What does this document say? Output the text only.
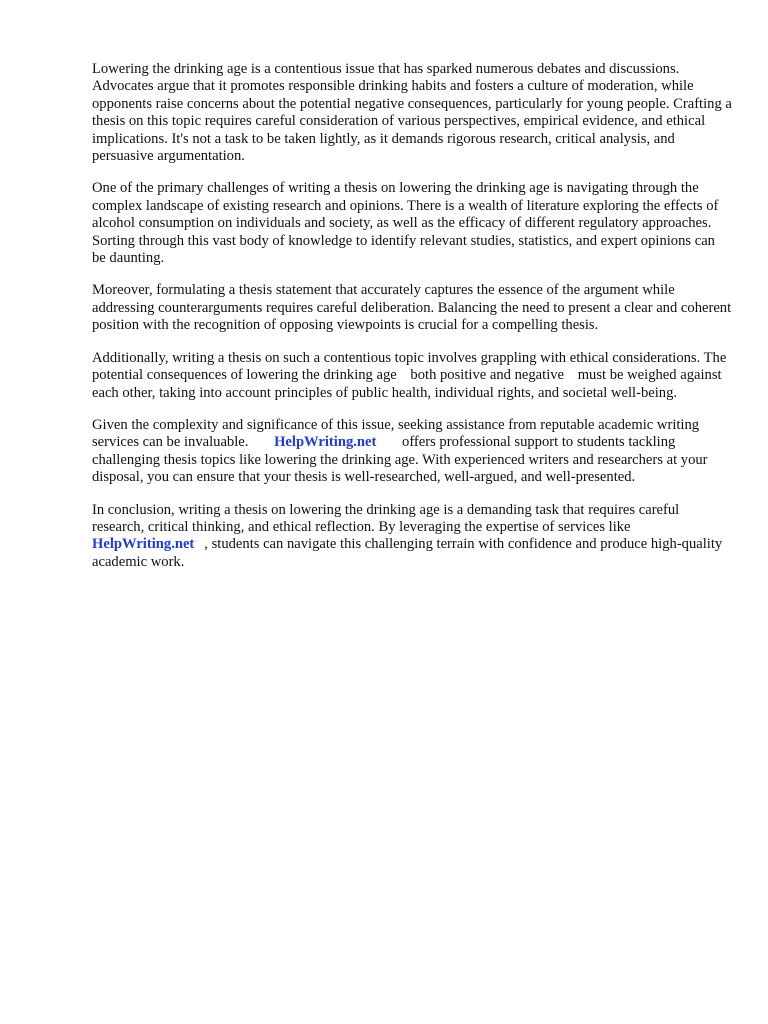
Lowering the drinking age is a contentious issue that has sparked numerous debates and discussions. Advocates argue that it promotes responsible drinking habits and fosters a culture of moderation, while opponents raise concerns about the potential negative consequences, particularly for young people. Crafting a thesis on this topic requires careful consideration of various perspectives, empirical evidence, and ethical implications. It's not a task to be taken lightly, as it demands rigorous research, critical analysis, and persuasive argumentation.

One of the primary challenges of writing a thesis on lowering the drinking age is navigating through the complex landscape of existing research and opinions. There is a wealth of literature exploring the effects of alcohol consumption on individuals and society, as well as the efficacy of different regulatory approaches. Sorting through this vast body of knowledge to identify relevant studies, statistics, and expert opinions can be daunting.

Moreover, formulating a thesis statement that accurately captures the essence of the argument while addressing counterarguments requires careful deliberation. Balancing the need to present a clear and coherent position with the recognition of opposing viewpoints is crucial for a compelling thesis.

Additionally, writing a thesis on such a contentious topic involves grappling with ethical considerations. The potential consequences of lowering the drinking age both positive and negative must be weighed against each other, taking into account principles of public health, individual rights, and societal well-being.

Given the complexity and significance of this issue, seeking assistance from reputable academic writing services can be invaluable. HelpWriting.net offers professional support to students tackling challenging thesis topics like lowering the drinking age. With experienced writers and researchers at your disposal, you can ensure that your thesis is well-researched, well-argued, and well-presented.

In conclusion, writing a thesis on lowering the drinking age is a demanding task that requires careful research, critical thinking, and ethical reflection. By leveraging the expertise of services like HelpWriting.net , students can navigate this challenging terrain with confidence and produce high-quality academic work.
